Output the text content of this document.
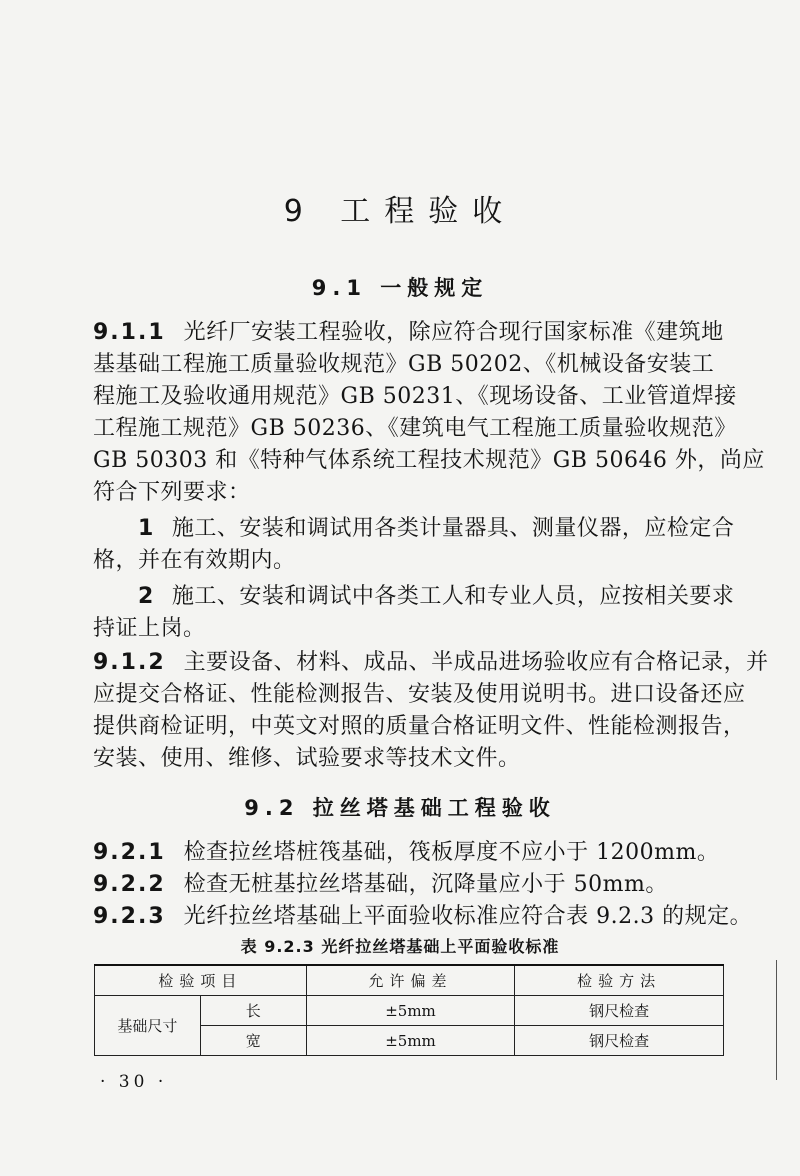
9 工程验收
9.1 一般规定
9.1.1 光纤厂安装工程验收，除应符合现行国家标准《建筑地
基基础工程施工质量验收规范》GB 50202、《机械设备安装工
程施工及验收通用规范》GB 50231、《现场设备、工业管道焊接
工程施工规范》GB 50236、《建筑电气工程施工质量验收规范》
GB 50303 和《特种气体系统工程技术规范》GB 50646 外，尚应
符合下列要求：
1 施工、安装和调试用各类计量器具、测量仪器，应检定合
格，并在有效期内。
2 施工、安装和调试中各类工人和专业人员，应按相关要求
持证上岗。
9.1.2 主要设备、材料、成品、半成品进场验收应有合格记录，并
应提交合格证、性能检测报告、安装及使用说明书。进口设备还应
提供商检证明，中英文对照的质量合格证明文件、性能检测报告，
安装、使用、维修、试验要求等技术文件。
9.2 拉丝塔基础工程验收
9.2.1 检查拉丝塔桩筏基础，筏板厚度不应小于 1200mm。
9.2.2 检查无桩基拉丝塔基础，沉降量应小于 50mm。
9.2.3 光纤拉丝塔基础上平面验收标准应符合表 9.2.3 的规定。
表 9.2.3 光纤拉丝塔基础上平面验收标准
检验项目		允许偏差	检验方法
基础尺寸	长	±5mm	钢尺检查
	宽	±5mm	钢尺检查
· 30 ·
